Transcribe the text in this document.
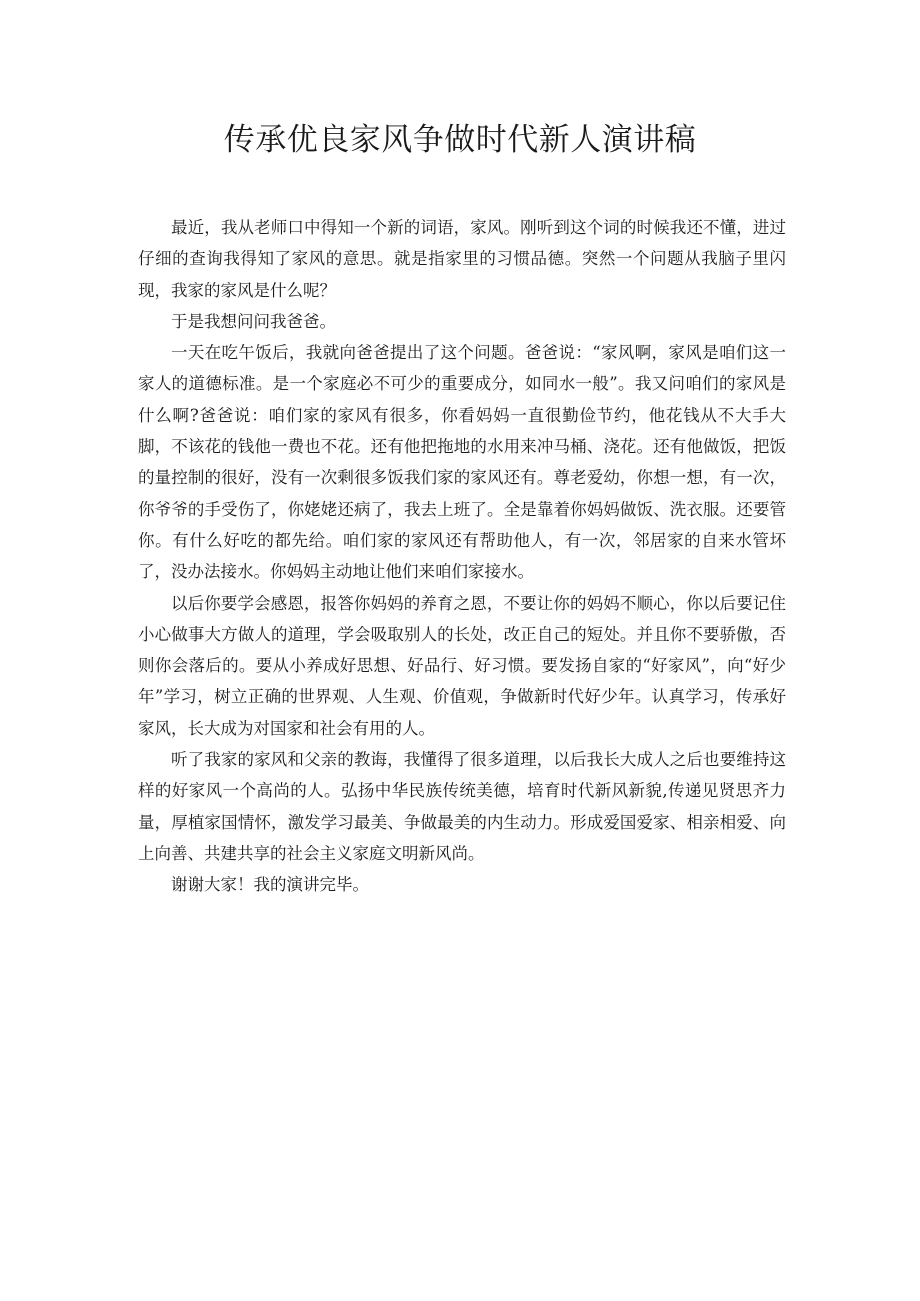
传承优良家风争做时代新人演讲稿

最近，我从老师口中得知一个新的词语，家风。刚听到这个词的时候我还不懂，进过仔细的查询我得知了家风的意思。就是指家里的习惯品德。突然一个问题从我脑子里闪现，我家的家风是什么呢？

于是我想问问我爸爸。

一天在吃午饭后，我就向爸爸提出了这个问题。爸爸说：“家风啊，家风是咱们这一家人的道德标准。是一个家庭必不可少的重要成分，如同水一般”。我又问咱们的家风是什么啊?爸爸说：咱们家的家风有很多，你看妈妈一直很勤俭节约，他花钱从不大手大脚，不该花的钱他一费也不花。还有他把拖地的水用来冲马桶、浇花。还有他做饭，把饭的量控制的很好，没有一次剩很多饭我们家的家风还有。尊老爱幼，你想一想，有一次，你爷爷的手受伤了，你姥姥还病了，我去上班了。全是靠着你妈妈做饭、洗衣服。还要管你。有什么好吃的都先给。咱们家的家风还有帮助他人，有一次，邻居家的自来水管坏了，没办法接水。你妈妈主动地让他们来咱们家接水。

以后你要学会感恩，报答你妈妈的养育之恩，不要让你的妈妈不顺心，你以后要记住小心做事大方做人的道理，学会吸取别人的长处，改正自己的短处。并且你不要骄傲，否则你会落后的。要从小养成好思想、好品行、好习惯。要发扬自家的“好家风”，向“好少年”学习，树立正确的世界观、人生观、价值观，争做新时代好少年。认真学习，传承好家风，长大成为对国家和社会有用的人。

听了我家的家风和父亲的教诲，我懂得了很多道理，以后我长大成人之后也要维持这样的好家风一个高尚的人。弘扬中华民族传统美德，培育时代新风新貌,传递见贤思齐力量，厚植家国情怀，激发学习最美、争做最美的内生动力。形成爱国爱家、相亲相爱、向上向善、共建共享的社会主义家庭文明新风尚。

谢谢大家！我的演讲完毕。
